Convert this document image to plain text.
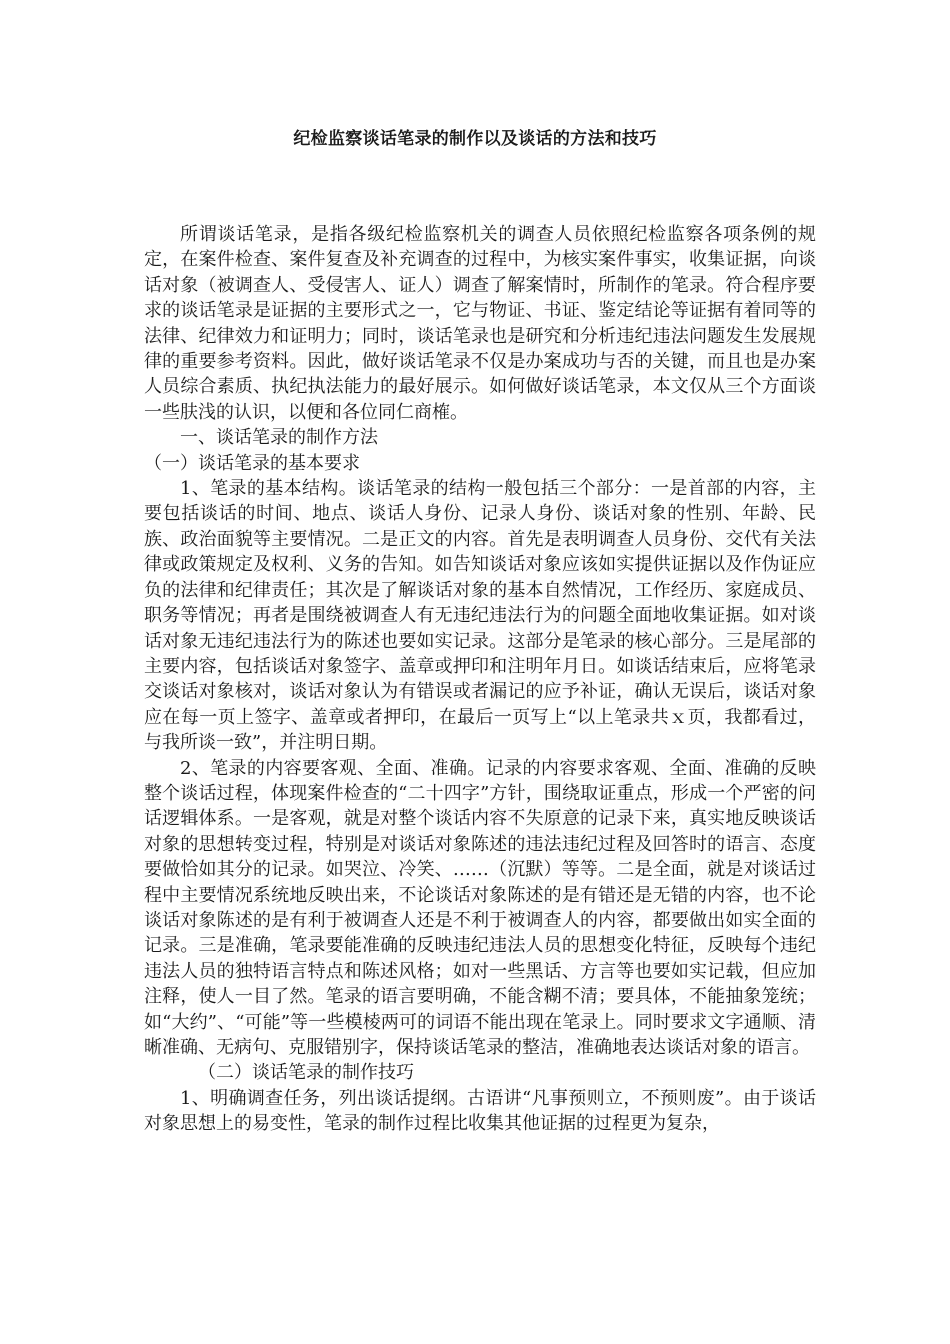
纪检监察谈话笔录的制作以及谈话的方法和技巧

所谓谈话笔录，是指各级纪检监察机关的调查人员依照纪检监察各项条例的规定，在案件检查、案件复查及补充调查的过程中，为核实案件事实，收集证据，向谈话对象（被调查人、受侵害人、证人）调查了解案情时，所制作的笔录。符合程序要求的谈话笔录是证据的主要形式之一，它与物证、书证、鉴定结论等证据有着同等的法律、纪律效力和证明力；同时，谈话笔录也是研究和分析违纪违法问题发生发展规律的重要参考资料。因此，做好谈话笔录不仅是办案成功与否的关键，而且也是办案人员综合素质、执纪执法能力的最好展示。如何做好谈话笔录，本文仅从三个方面谈一些肤浅的认识，以便和各位同仁商榷。

一、谈话笔录的制作方法

（一）谈话笔录的基本要求

1、笔录的基本结构。谈话笔录的结构一般包括三个部分：一是首部的内容，主要包括谈话的时间、地点、谈话人身份、记录人身份、谈话对象的性别、年龄、民族、政治面貌等主要情况。二是正文的内容。首先是表明调查人员身份、交代有关法律或政策规定及权利、义务的告知。如告知谈话对象应该如实提供证据以及作伪证应负的法律和纪律责任；其次是了解谈话对象的基本自然情况，工作经历、家庭成员、职务等情况；再者是围绕被调查人有无违纪违法行为的问题全面地收集证据。如对谈话对象无违纪违法行为的陈述也要如实记录。这部分是笔录的核心部分。三是尾部的主要内容，包括谈话对象签字、盖章或押印和注明年月日。如谈话结束后，应将笔录交谈话对象核对，谈话对象认为有错误或者漏记的应予补证，确认无误后，谈话对象应在每一页上签字、盖章或者押印，在最后一页写上“以上笔录共ｘ页，我都看过，与我所谈一致”，并注明日期。

2、笔录的内容要客观、全面、准确。记录的内容要求客观、全面、准确的反映整个谈话过程，体现案件检查的“二十四字”方针，围绕取证重点，形成一个严密的问话逻辑体系。一是客观，就是对整个谈话内容不失原意的记录下来，真实地反映谈话对象的思想转变过程，特别是对谈话对象陈述的违法违纪过程及回答时的语言、态度要做恰如其分的记录。如哭泣、冷笑、……（沉默）等等。二是全面，就是对谈话过程中主要情况系统地反映出来，不论谈话对象陈述的是有错还是无错的内容，也不论谈话对象陈述的是有利于被调查人还是不利于被调查人的内容，都要做出如实全面的记录。三是准确，笔录要能准确的反映违纪违法人员的思想变化特征，反映每个违纪违法人员的独特语言特点和陈述风格；如对一些黑话、方言等也要如实记载，但应加注释，使人一目了然。笔录的语言要明确，不能含糊不清；要具体，不能抽象笼统；如“大约”、“可能”等一些模棱两可的词语不能出现在笔录上。同时要求文字通顺、清晰准确、无病句、克服错别字，保持谈话笔录的整洁，准确地表达谈话对象的语言。

（二）谈话笔录的制作技巧

1、明确调查任务，列出谈话提纲。古语讲“凡事预则立，不预则废”。由于谈话对象思想上的易变性，笔录的制作过程比收集其他证据的过程更为复杂，
